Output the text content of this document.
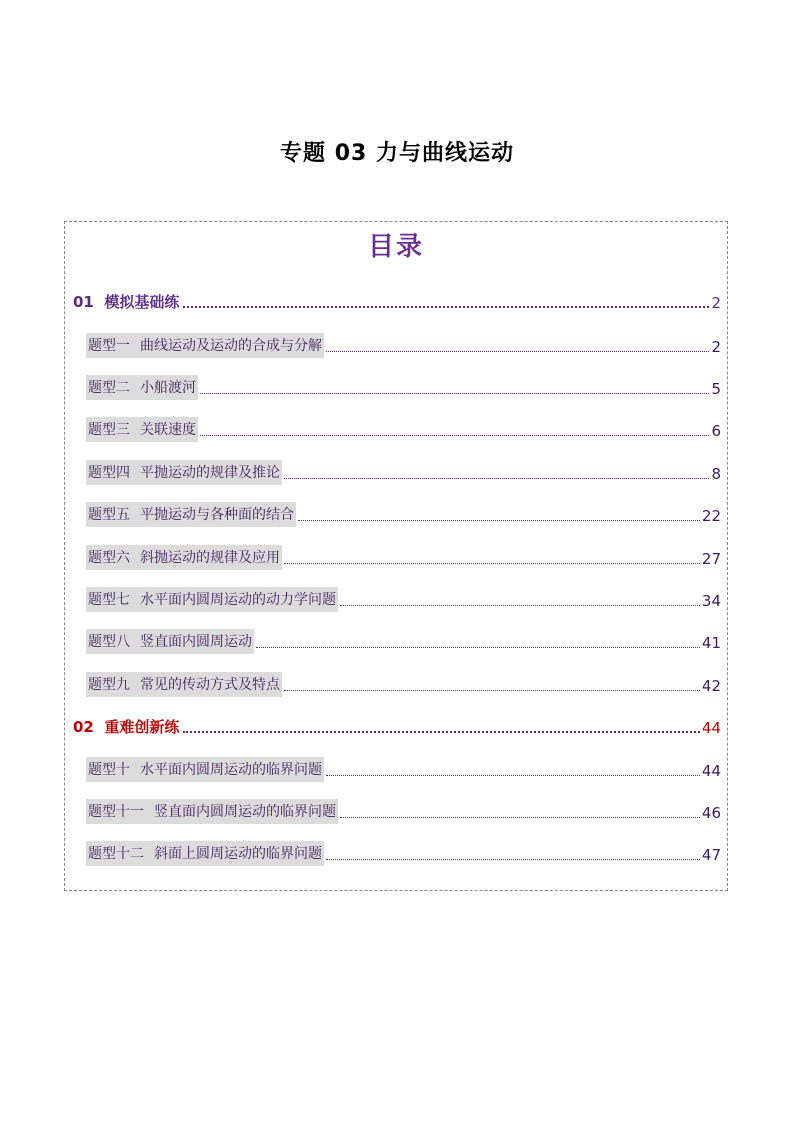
专题 03 力与曲线运动
目录
01 模拟基础练	2
题型一 曲线运动及运动的合成与分解	2
题型二 小船渡河	5
题型三 关联速度	6
题型四 平抛运动的规律及推论	8
题型五 平抛运动与各种面的结合	22
题型六 斜抛运动的规律及应用	27
题型七 水平面内圆周运动的动力学问题	34
题型八 竖直面内圆周运动	41
题型九 常见的传动方式及特点	42
02 重难创新练	44
题型十 水平面内圆周运动的临界问题	44
题型十一 竖直面内圆周运动的临界问题	46
题型十二 斜面上圆周运动的临界问题	47
